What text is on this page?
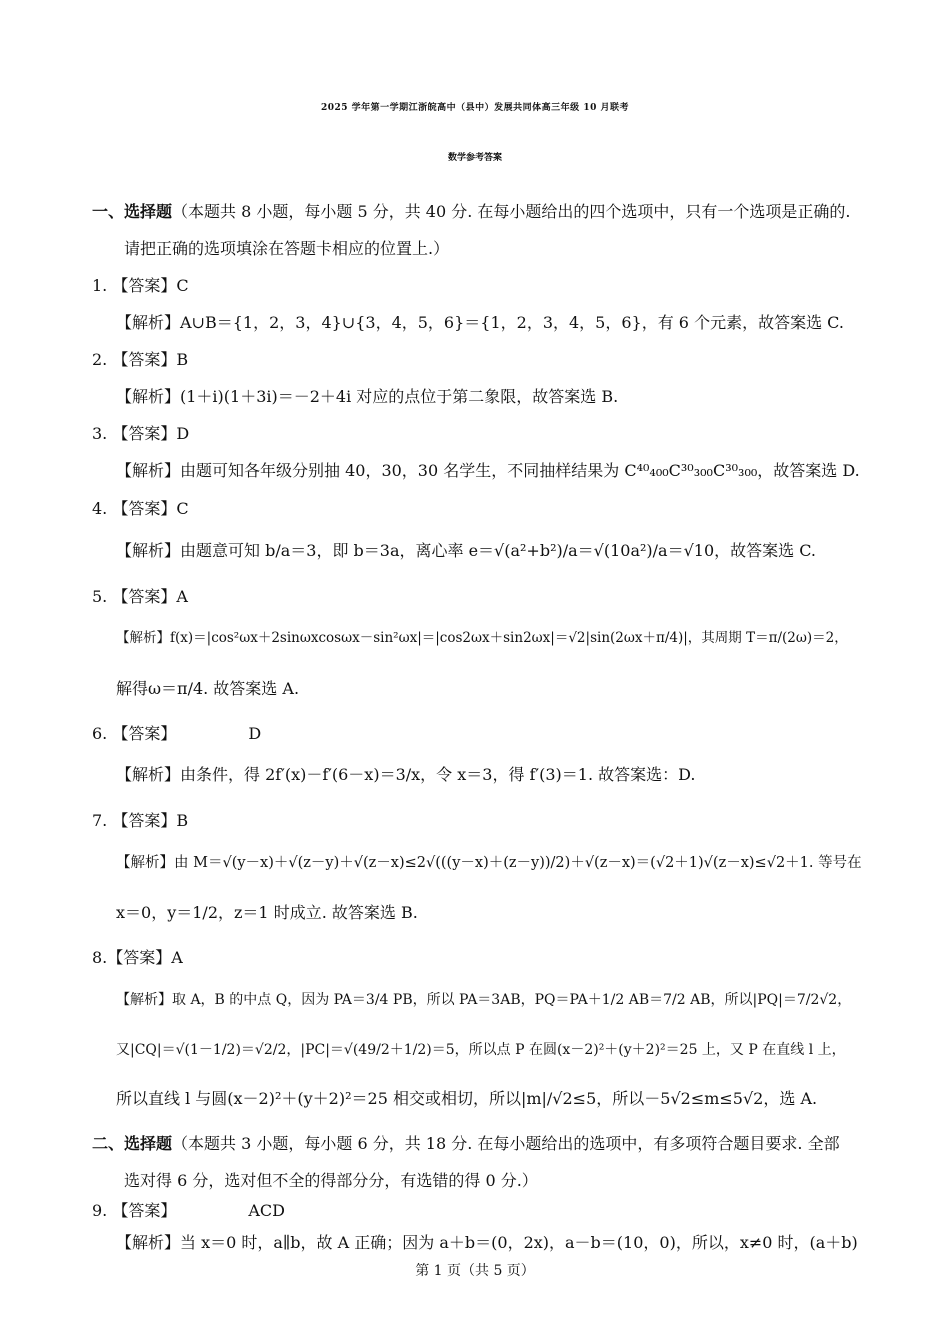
2025 学年第一学期江浙皖高中（县中）发展共同体高三年级 10 月联考
数学参考答案
一、选择题（本题共 8 小题，每小题 5 分，共 40 分. 在每小题给出的四个选项中，只有一个选项是正确的.
请把正确的选项填涂在答题卡相应的位置上.）
1. 【答案】C
【解析】A∪B＝{1，2，3，4}∪{3，4，5，6}＝{1，2，3，4，5，6}，有 6 个元素，故答案选 C.
2. 【答案】B
【解析】(1＋i)(1＋3i)＝－2＋4i 对应的点位于第二象限，故答案选 B.
3. 【答案】D
【解析】由题可知各年级分别抽 40，30，30 名学生，不同抽样结果为 C⁴⁰₄₀₀C³⁰₃₀₀C³⁰₃₀₀，故答案选 D.
4. 【答案】C
【解析】由题意可知 b/a＝3，即 b＝3a，离心率 e＝√(a²+b²)/a＝√(10a²)/a＝√10，故答案选 C.
5. 【答案】A
【解析】f(x)＝|cos²ωx＋2sinωxcosωx－sin²ωx|＝|cos2ωx＋sin2ωx|＝√2|sin(2ωx＋π/4)|，其周期 T＝π/(2ω)＝2，
解得ω＝π/4. 故答案选 A.
6. 【答案】　　　　　D
【解析】由条件，得 2f′(x)－f′(6－x)＝3/x，令 x＝3，得 f′(3)＝1. 故答案选：D.
7. 【答案】B
【解析】由 M＝√(y－x)＋√(z－y)＋√(z－x)≤2√(((y－x)＋(z－y))/2)＋√(z－x)＝(√2＋1)√(z－x)≤√2＋1. 等号在
x＝0，y＝1/2，z＝1 时成立. 故答案选 B.
8.【答案】A
【解析】取 A，B 的中点 Q，因为 PA＝3/4 PB，所以 PA＝3AB，PQ＝PA＋1/2 AB＝7/2 AB，所以|PQ|＝7/2√2，
又|CQ|＝√(1－1/2)＝√2/2，|PC|＝√(49/2＋1/2)＝5，所以点 P 在圆(x－2)²＋(y＋2)²＝25 上，又 P 在直线 l 上，
所以直线 l 与圆(x－2)²＋(y＋2)²＝25 相交或相切，所以|m|/√2≤5，所以－5√2≤m≤5√2，选 A.
二、选择题（本题共 3 小题，每小题 6 分，共 18 分. 在每小题给出的选项中，有多项符合题目要求. 全部
选对得 6 分，选对但不全的得部分分，有选错的得 0 分.）
9. 【答案】　　　　　ACD
【解析】当 x＝0 时，a∥b，故 A 正确；因为 a＋b＝(0，2x)，a－b＝(10，0)，所以，x≠0 时，(a＋b)
第 1 页（共 5 页）
